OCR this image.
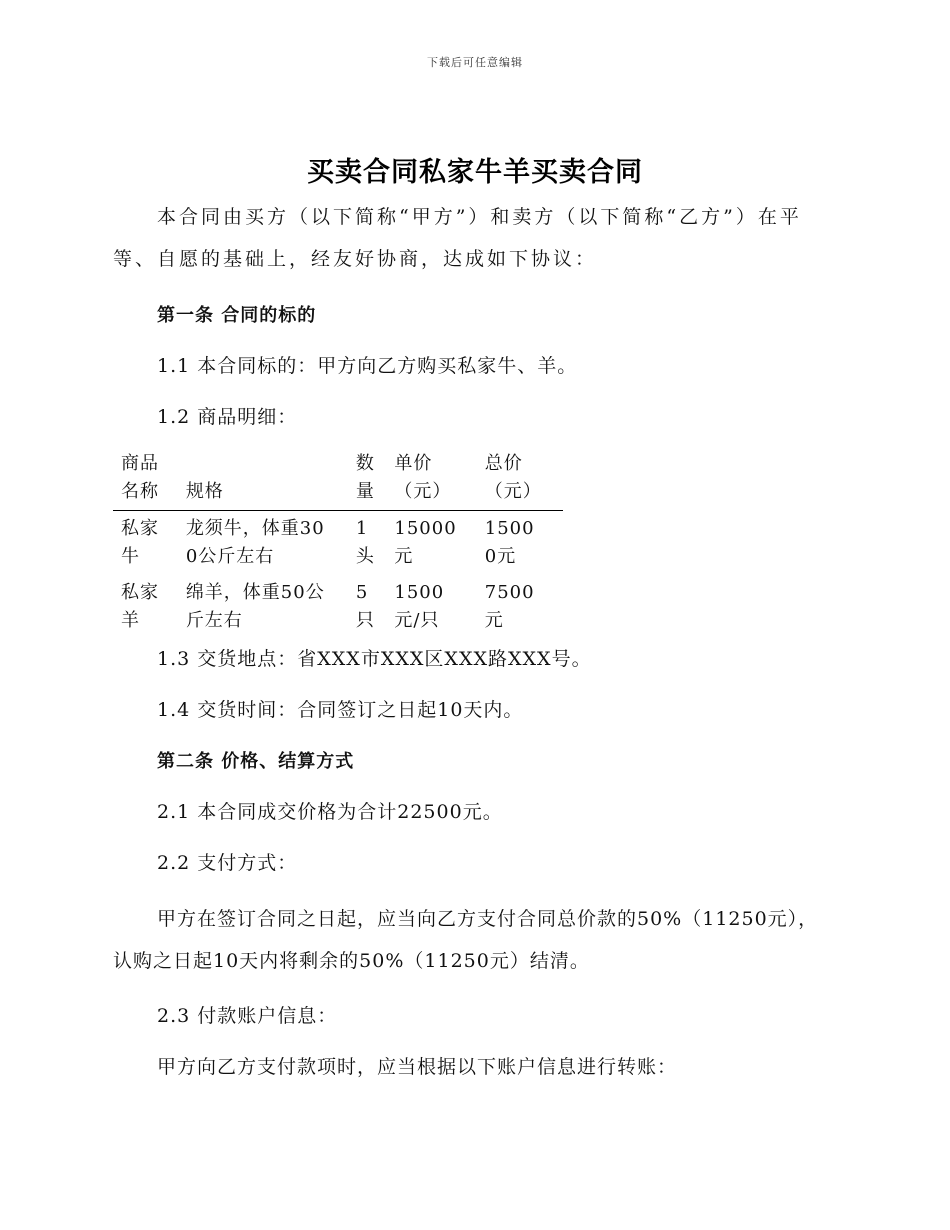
下载后可任意编辑
买卖合同私家牛羊买卖合同

本合同由买方（以下简称“甲方”）和卖方（以下简称“乙方”）在平等、自愿的基础上，经友好协商，达成如下协议：

第一条 合同的标的

1.1 本合同标的：甲方向乙方购买私家牛、羊。

1.2 商品明细：

商品名称	规格	数量	单价（元）	总价（元）

私家牛	龙须牛，体重300公斤左右	1头	15000元	15000元

私家羊	绵羊，体重50公斤左右	5只	1500元/只	7500元

1.3 交货地点：省XXX市XXX区XXX路XXX号。

1.4 交货时间：合同签订之日起10天内。

第二条 价格、结算方式

2.1 本合同成交价格为合计22500元。

2.2 支付方式：

甲方在签订合同之日起，应当向乙方支付合同总价款的50%（11250元），认购之日起10天内将剩余的50%（11250元）结清。

2.3 付款账户信息：

甲方向乙方支付款项时，应当根据以下账户信息进行转账：
